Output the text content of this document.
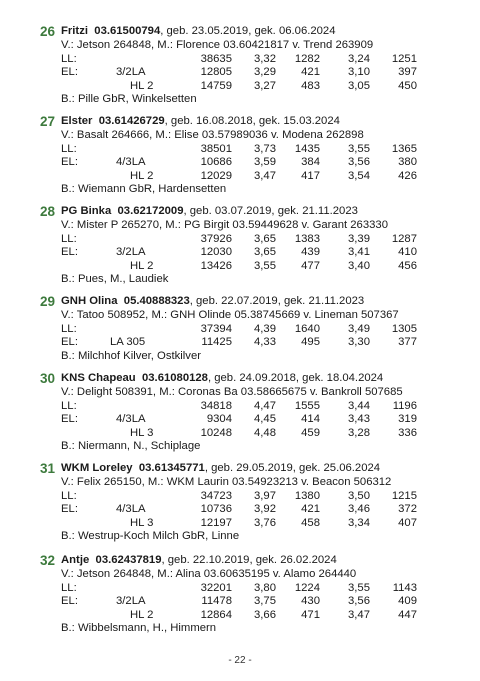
26 Fritzi 03.61500794, geb. 23.05.2019, gek. 06.06.2024
V.: Jetson 264848, M.: Florence 03.60421817 v. Trend 263909
LL:	38635	3,32	1282	3,24	1251
EL:	3/2LA	12805	3,29	421	3,10	397
HL 2	14759	3,27	483	3,05	450
B.: Pille GbR, Winkelsetten
27 Elster 03.61426729, geb. 16.08.2018, gek. 15.03.2024
V.: Basalt 264666, M.: Elise 03.57989036 v. Modena 262898
LL:	38501	3,73	1435	3,55	1365
EL:	4/3LA	10686	3,59	384	3,56	380
HL 2	12029	3,47	417	3,54	426
B.: Wiemann GbR, Hardensetten
28 PG Binka 03.62172009, geb. 03.07.2019, gek. 21.11.2023
V.: Mister P 265270, M.: PG Birgit 03.59449628 v. Garant 263330
LL:	37926	3,65	1383	3,39	1287
EL:	3/2LA	12030	3,65	439	3,41	410
HL 2	13426	3,55	477	3,40	456
B.: Pues, M., Laudiek
29 GNH Olina 05.40888323, geb. 22.07.2019, gek. 21.11.2023
V.: Tatoo 508952, M.: GNH Olinde 05.38745669 v. Lineman 507367
LL:	37394	4,39	1640	3,49	1305
EL:	LA 305	11425	4,33	495	3,30	377
B.: Milchhof Kilver, Ostkilver
30 KNS Chapeau 03.61080128, geb. 24.09.2018, gek. 18.04.2024
V.: Delight 508391, M.: Coronas Ba 03.58665675 v. Bankroll 507685
LL:	34818	4,47	1555	3,44	1196
EL:	4/3LA	9304	4,45	414	3,43	319
HL 3	10248	4,48	459	3,28	336
B.: Niermann, N., Schiplage
31 WKM Loreley 03.61345771, geb. 29.05.2019, gek. 25.06.2024
V.: Felix 265150, M.: WKM Laurin 03.54923213 v. Beacon 506312
LL:	34723	3,97	1380	3,50	1215
EL:	4/3LA	10736	3,92	421	3,46	372
HL 3	12197	3,76	458	3,34	407
B.: Westrup-Koch Milch GbR, Linne
32 Antje 03.62437819, geb. 22.10.2019, gek. 26.02.2024
V.: Jetson 264848, M.: Alina 03.60635195 v. Alamo 264440
LL:	32201	3,80	1224	3,55	1143
EL:	3/2LA	11478	3,75	430	3,56	409
HL 2	12864	3,66	471	3,47	447
B.: Wibbelsmann, H., Himmern
- 22 -
